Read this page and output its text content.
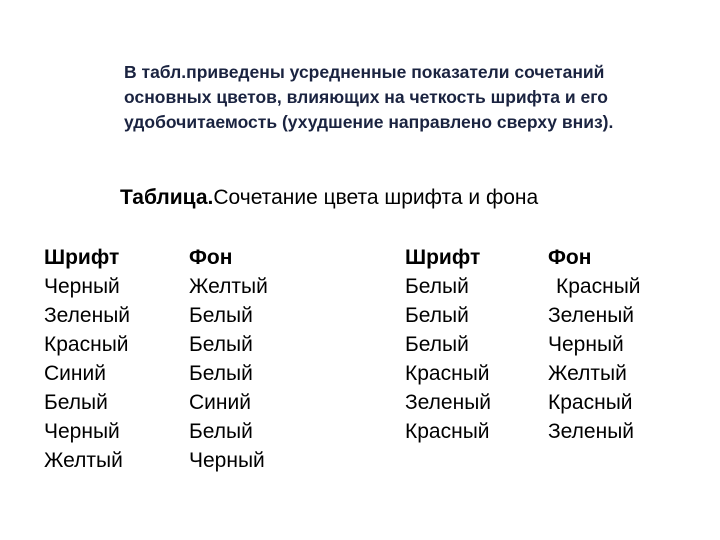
В табл.приведены усредненные показатели сочетаний
основных цветов, влияющих на четкость шрифта и его
удобочитаемость (ухудшение направлено сверху вниз).
Таблица.Сочетание цвета шрифта и фона
Шрифт
Черный
Зеленый
Красный
Синий
Белый
Черный
Желтый
Фон
Желтый
Белый
Белый
Белый
Синий
Белый
Черный
Шрифт
Белый
Белый
Белый
Красный
Зеленый
Красный
Фон
Красный
Зеленый
Черный
Желтый
Красный
Зеленый
